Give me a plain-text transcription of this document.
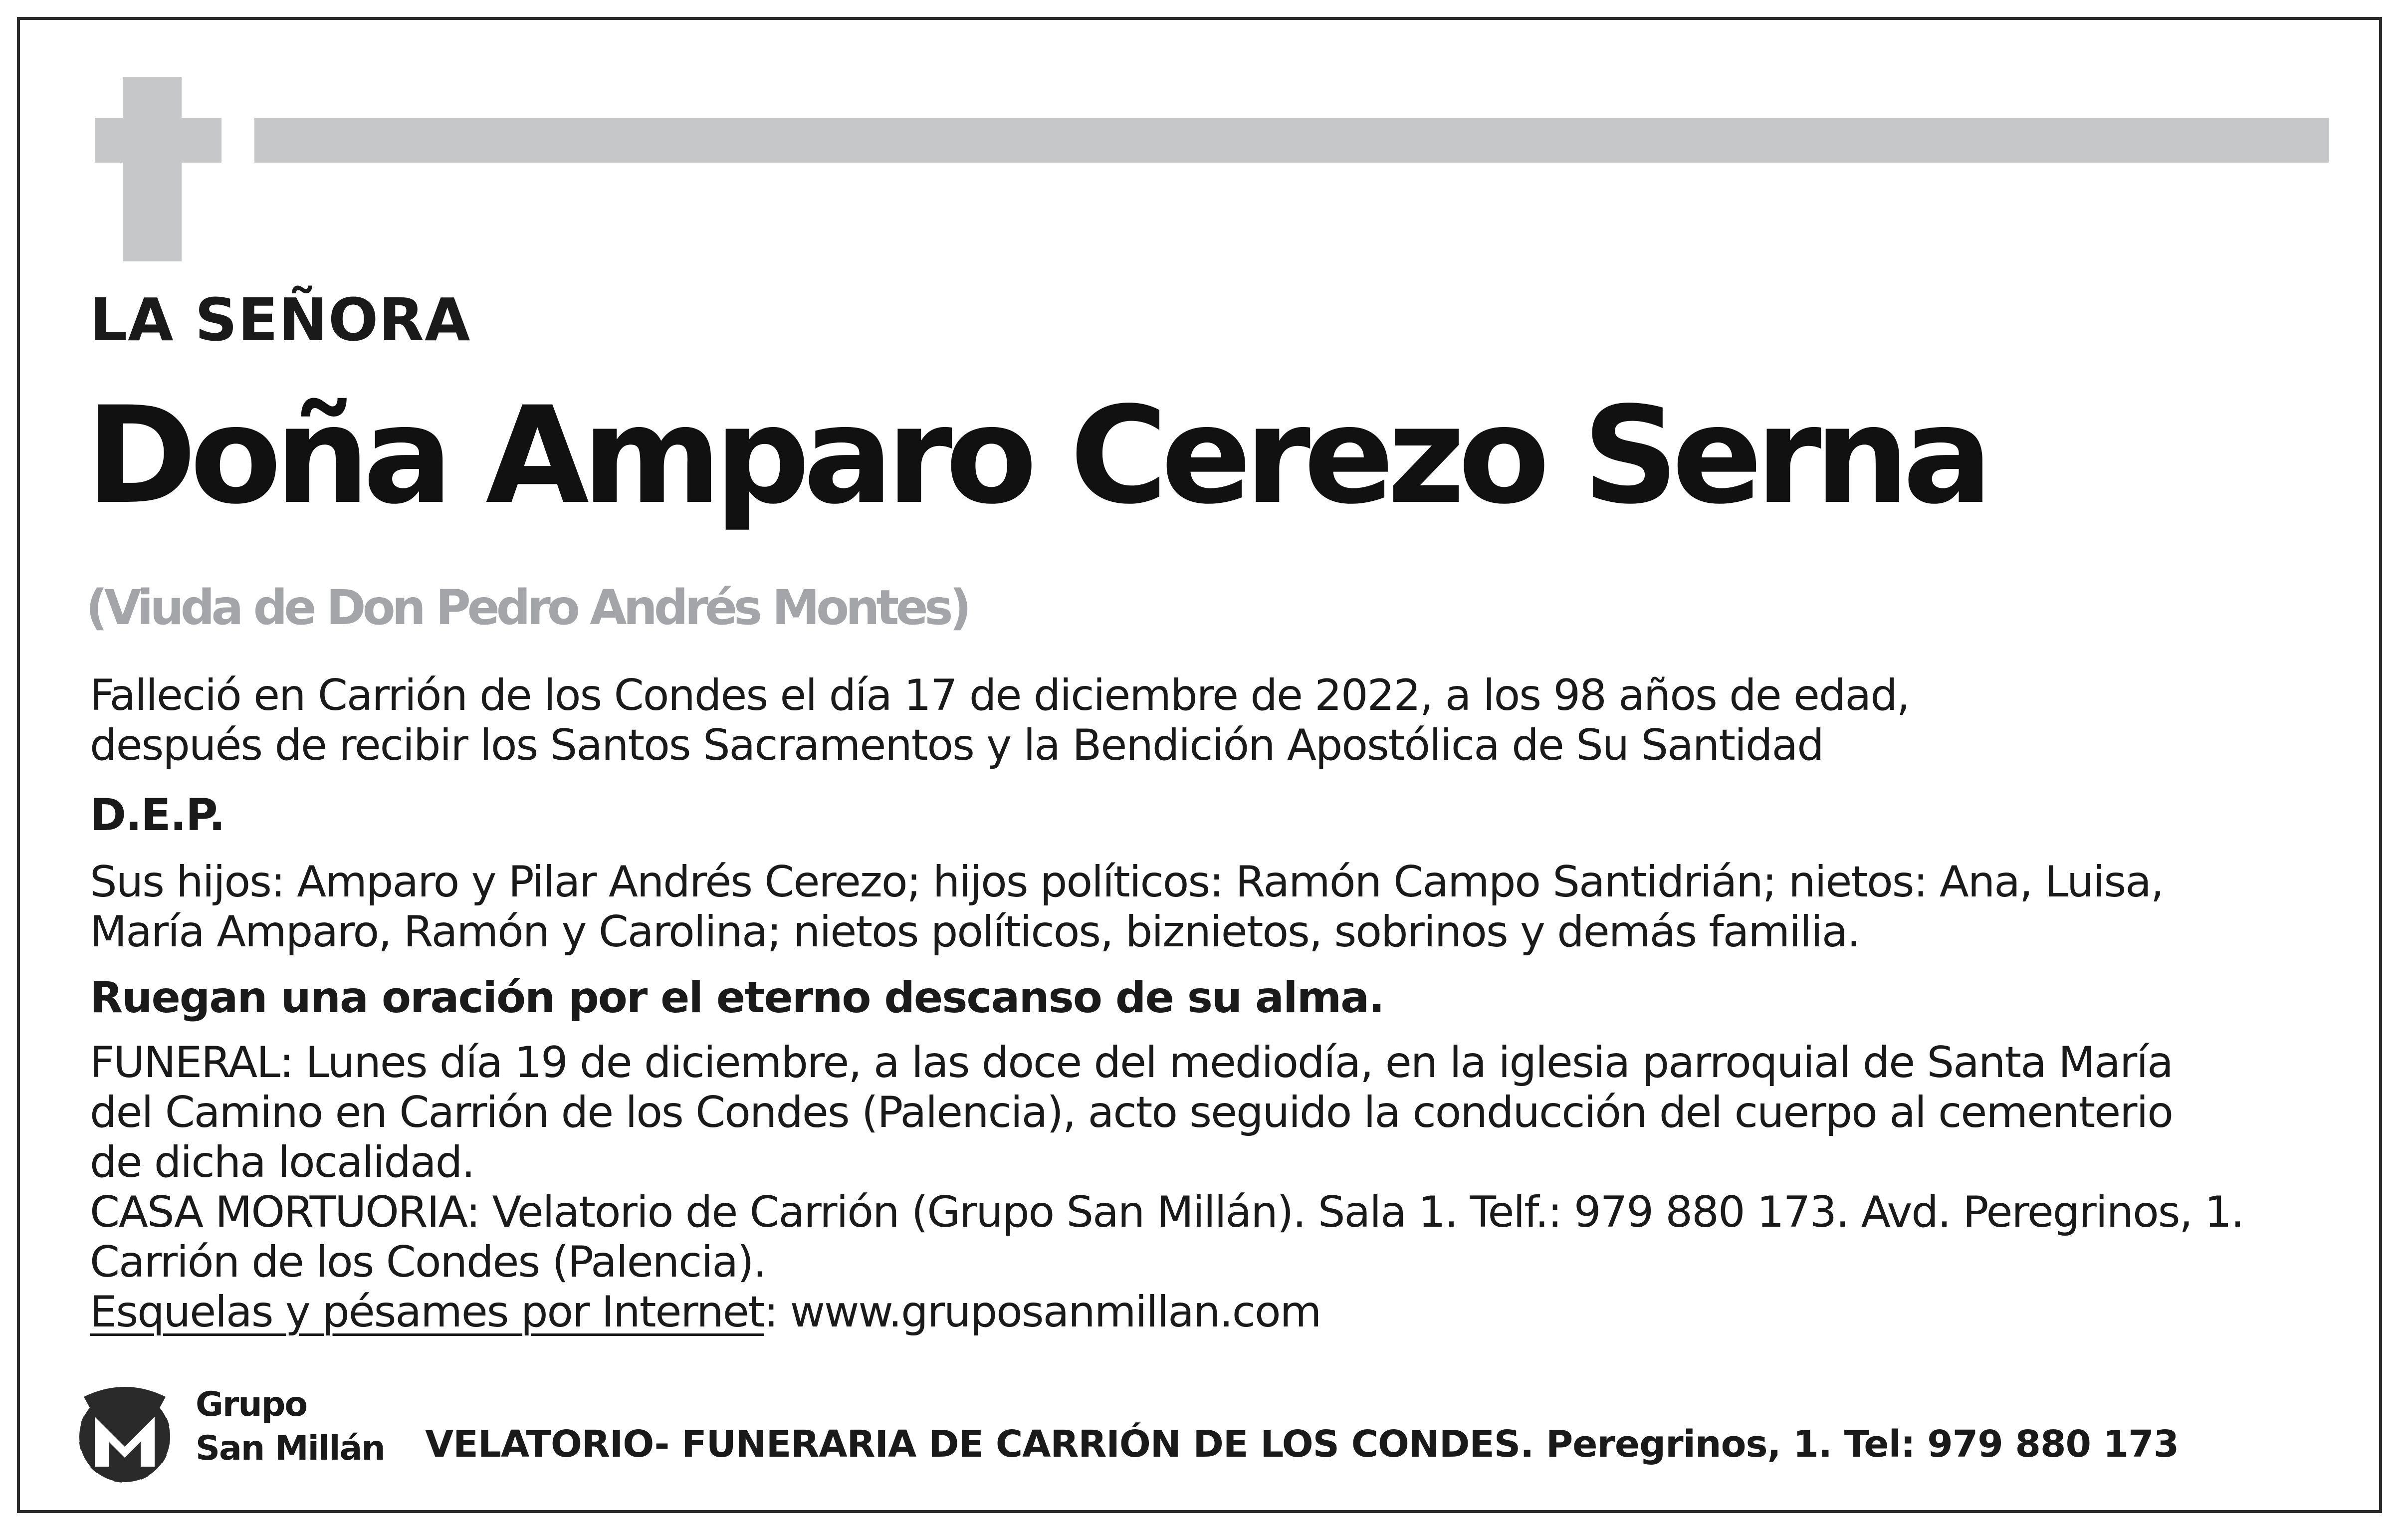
LA SEÑORA
Doña Amparo Cerezo Serna
(Viuda de Don Pedro Andrés Montes)
Falleció en Carrión de los Condes el día 17 de diciembre de 2022, a los 98 años de edad,
después de recibir los Santos Sacramentos y la Bendición Apostólica de Su Santidad
D.E.P.
Sus hijos: Amparo y Pilar Andrés Cerezo; hijos políticos: Ramón Campo Santidrián; nietos: Ana, Luisa,
María Amparo, Ramón y Carolina; nietos políticos, biznietos, sobrinos y demás familia.
Ruegan una oración por el eterno descanso de su alma.
FUNERAL: Lunes día 19 de diciembre, a las doce del mediodía, en la iglesia parroquial de Santa María
del Camino en Carrión de los Condes (Palencia), acto seguido la conducción del cuerpo al cementerio
de dicha localidad.
CASA MORTUORIA: Velatorio de Carrión (Grupo San Millán). Sala 1. Telf.: 979 880 173. Avd. Peregrinos, 1.
Carrión de los Condes (Palencia).
Esquelas y pésames por Internet: www.gruposanmillan.com
Grupo
San Millán VELATORIO- FUNERARIA DE CARRIÓN DE LOS CONDES. Peregrinos, 1. Tel: 979 880 173
